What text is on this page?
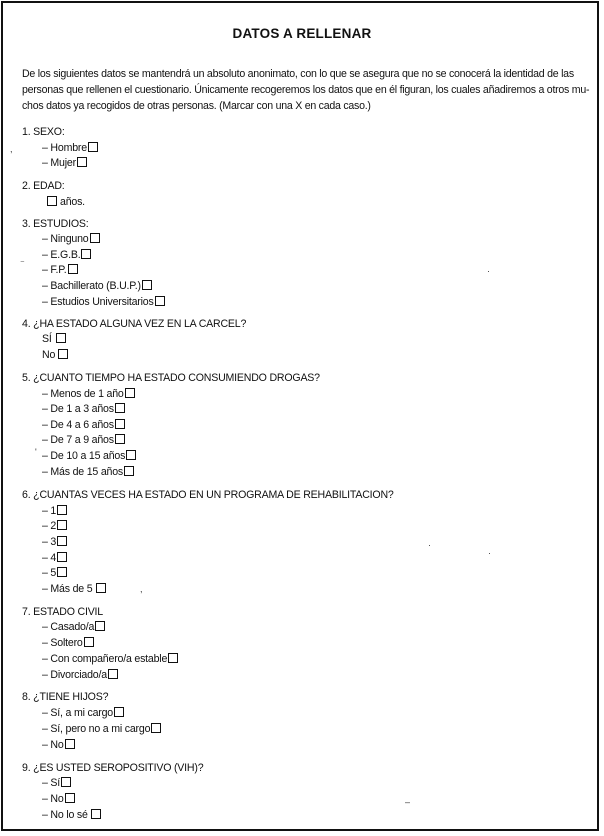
DATOS A RELLENAR
De los siguientes datos se mantendrá un absoluto anonimato, con lo que se asegura que no se conocerá la identidad de las
personas que rellenen el cuestionario. Únicamente recogeremos los datos que en él figuran, los cuales añadiremos a otros mu-
chos datos ya recogidos de otras personas. (Marcar con una X en cada caso.)
1. SEXO:
– Hombre
– Mujer
2. EDAD:
años.
3. ESTUDIOS:
– Ninguno
– E.G.B.
– F.P.
– Bachillerato (B.U.P.)
– Estudios Universitarios
4. ¿HA ESTADO ALGUNA VEZ EN LA CARCEL?
SÍ
No
5. ¿CUANTO TIEMPO HA ESTADO CONSUMIENDO DROGAS?
– Menos de 1 año
– De 1 a 3 años
– De 4 a 6 años
– De 7 a 9 años
– De 10 a 15 años
– Más de 15 años
6. ¿CUANTAS VECES HA ESTADO EN UN PROGRAMA DE REHABILITACION?
– 1
– 2
– 3
– 4
– 5
– Más de 5
7. ESTADO CIVIL
– Casado/a
– Soltero
– Con compañero/a estable
– Divorciado/a
8. ¿TIENE HIJOS?
– Sí, a mi cargo
– Sí, pero no a mi cargo
– No
9. ¿ES USTED SEROPOSITIVO (VIH)?
– Sí
– No
– No lo sé
,
⁻
·
'
·
·
,
–
